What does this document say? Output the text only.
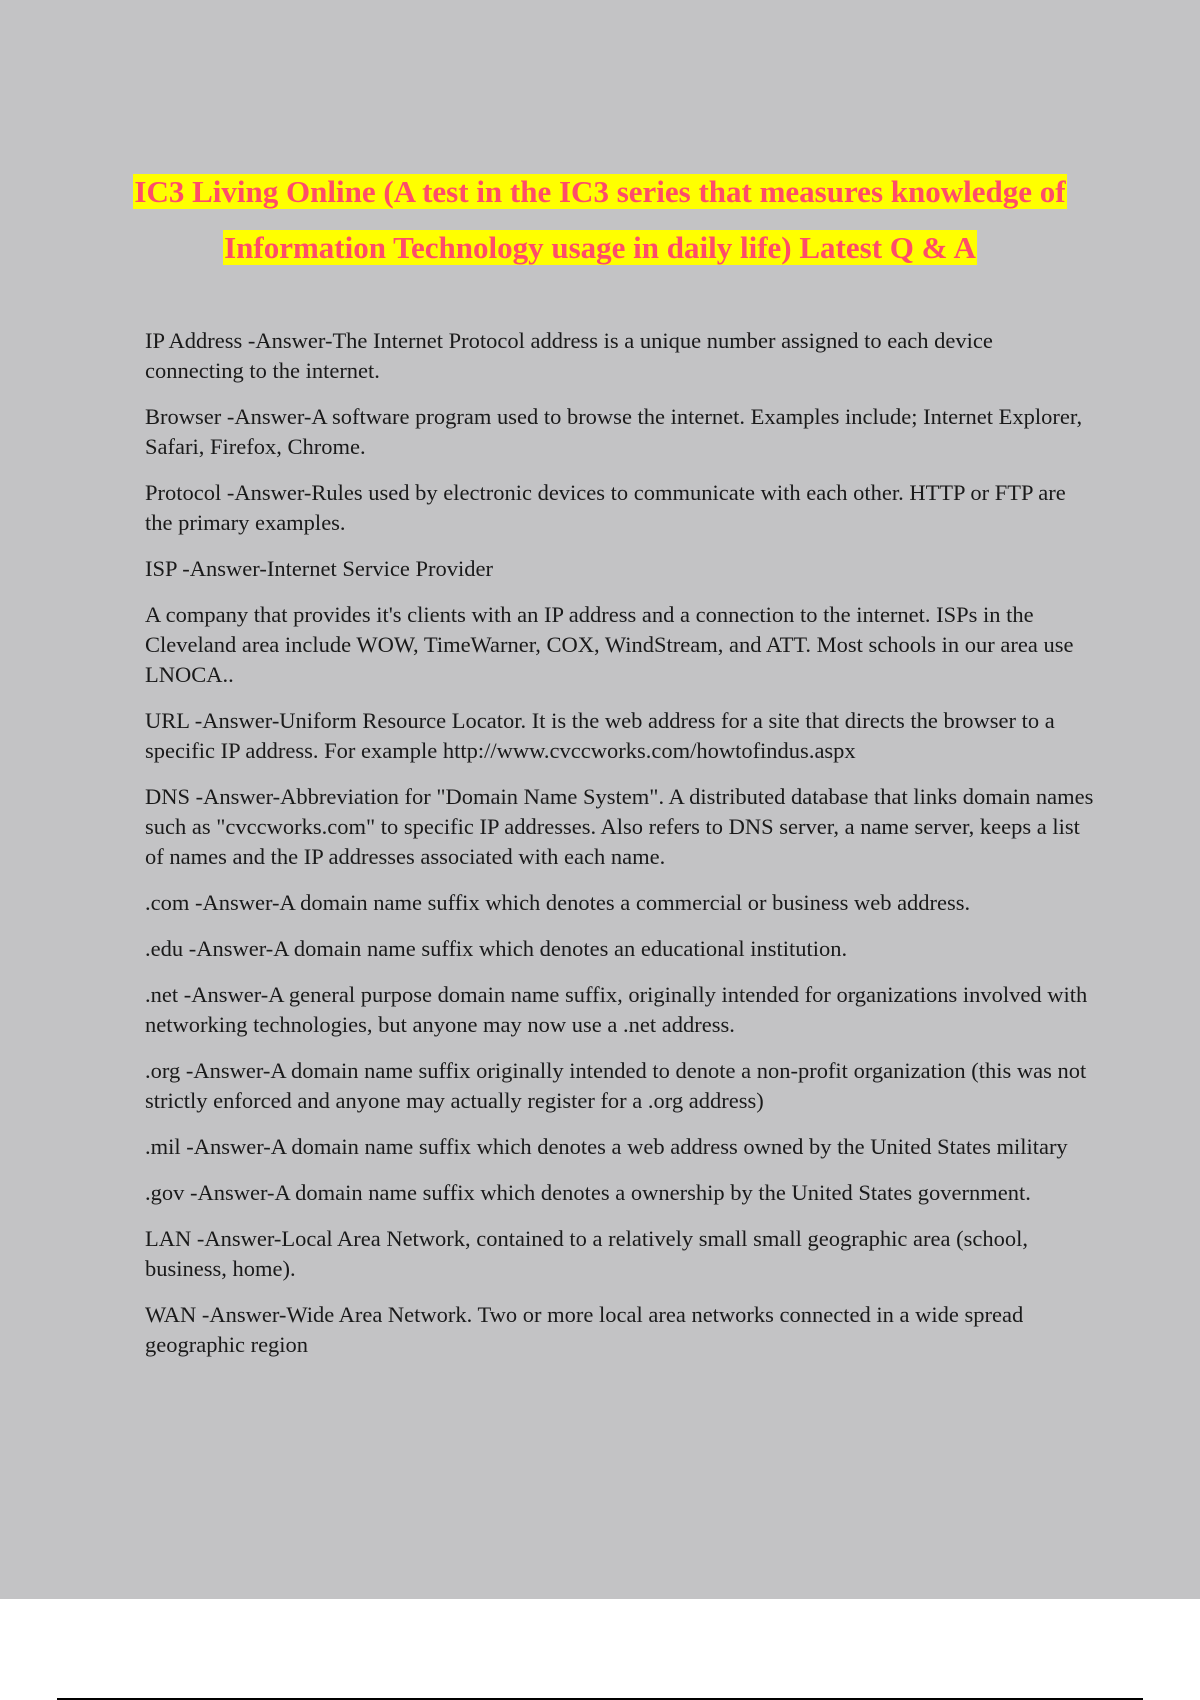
IC3 Living Online (A test in the IC3 series that measures knowledge of
Information Technology usage in daily life) Latest Q & A
IP Address -Answer-The Internet Protocol address is a unique number assigned to each device connecting to the internet.
Browser -Answer-A software program used to browse the internet. Examples include; Internet Explorer, Safari, Firefox, Chrome.
Protocol -Answer-Rules used by electronic devices to communicate with each other. HTTP or FTP are the primary examples.
ISP -Answer-Internet Service Provider
A company that provides it's clients with an IP address and a connection to the internet. ISPs in the Cleveland area include WOW, TimeWarner, COX, WindStream, and ATT. Most schools in our area use LNOCA..
URL -Answer-Uniform Resource Locator. It is the web address for a site that directs the browser to a specific IP address. For example http://www.cvccworks.com/howtofindus.aspx
DNS -Answer-Abbreviation for "Domain Name System". A distributed database that links domain names such as "cvccworks.com" to specific IP addresses. Also refers to DNS server, a name server, keeps a list of names and the IP addresses associated with each name.
.com -Answer-A domain name suffix which denotes a commercial or business web address.
.edu -Answer-A domain name suffix which denotes an educational institution.
.net -Answer-A general purpose domain name suffix, originally intended for organizations involved with networking technologies, but anyone may now use a .net address.
.org -Answer-A domain name suffix originally intended to denote a non-profit organization (this was not strictly enforced and anyone may actually register for a .org address)
.mil -Answer-A domain name suffix which denotes a web address owned by the United States military
.gov -Answer-A domain name suffix which denotes a ownership by the United States government.
LAN -Answer-Local Area Network, contained to a relatively small small geographic area (school, business, home).
WAN -Answer-Wide Area Network. Two or more local area networks connected in a wide spread geographic region
